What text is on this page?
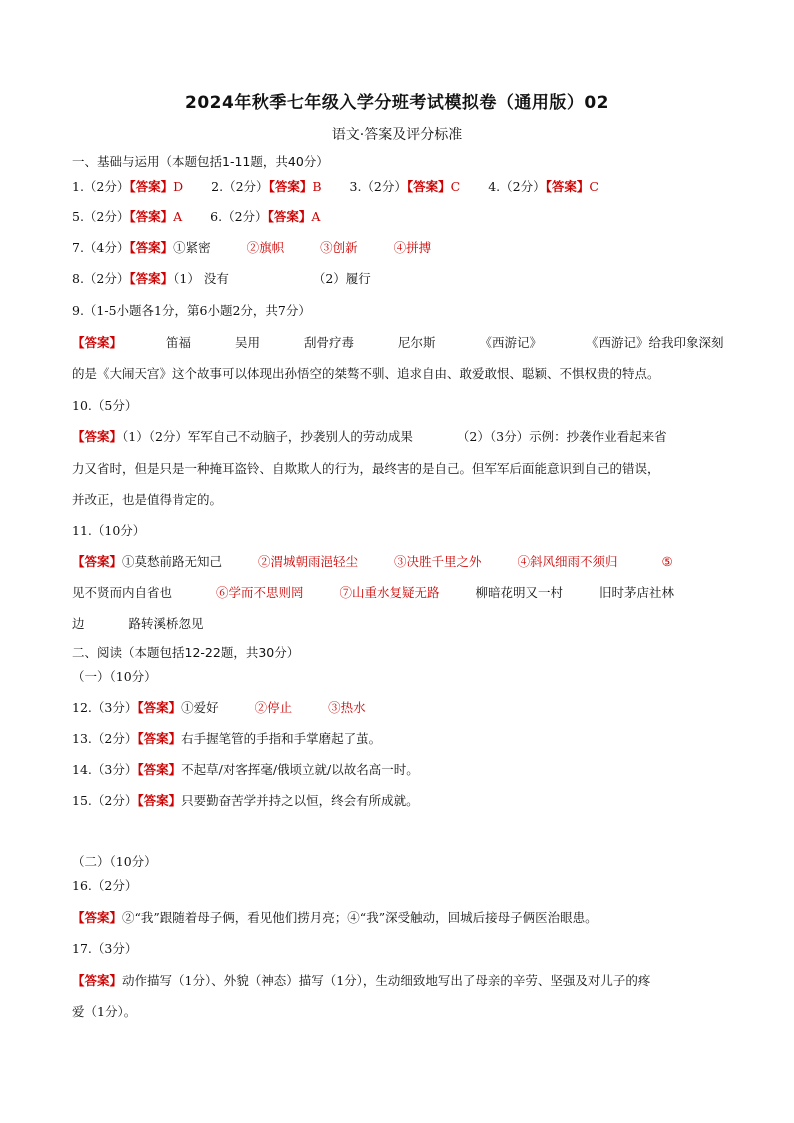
2024年秋季七年级入学分班考试模拟卷（通用版）02
语文·答案及评分标准
一、基础与运用（本题包括1-11题，共40分）
1.（2分）【答案】D 2.（2分）【答案】B 3.（2分）【答案】C 4.（2分）【答案】C
5.（2分）【答案】A 6.（2分）【答案】A
7.（4分）【答案】①紧密	②旗帜	③创新	④拼搏
8.（2分）【答案】（1） 没有	（2）履行
9.（1-5小题各1分，第6小题2分，共7分）
【答案】	笛福	吴用	刮骨疗毒	尼尔斯	《西游记》	《西游记》给我印象深刻
的是《大闹天宫》这个故事可以体现出孙悟空的桀骜不驯、追求自由、敢爱敢恨、聪颖、不惧权贵的特点。
10.（5分）
【答案】（1）（2分）军军自己不动脑子，抄袭别人的劳动成果	（2）（3分）示例：抄袭作业看起来省
力又省时，但是只是一种掩耳盗铃、自欺欺人的行为，最终害的是自己。但军军后面能意识到自己的错误，
并改正，也是值得肯定的。
11.（10分）
【答案】①莫愁前路无知己	②渭城朝雨浥轻尘	③决胜千里之外	④斜风细雨不须归	⑤
见不贤而内自省也	⑥学而不思则罔	⑦山重水复疑无路	柳暗花明又一村	旧时茅店社林
边	路转溪桥忽见
二、阅读（本题包括12-22题，共30分）
（一）（10分）
12.（3分）【答案】①爱好	②停止	③热水
13.（2分）【答案】右手握笔管的手指和手掌磨起了茧。
14.（3分）【答案】不起草/对客挥毫/俄顷立就/以故名高一时。
15.（2分）【答案】只要勤奋苦学并持之以恒，终会有所成就。
（二）（10分）
16.（2分）
【答案】②“我”跟随着母子俩，看见他们捞月亮；④“我”深受触动，回城后接母子俩医治眼患。
17.（3分）
【答案】动作描写（1分）、外貌（神态）描写（1分），生动细致地写出了母亲的辛劳、坚强及对儿子的疼
爱（1分）。
